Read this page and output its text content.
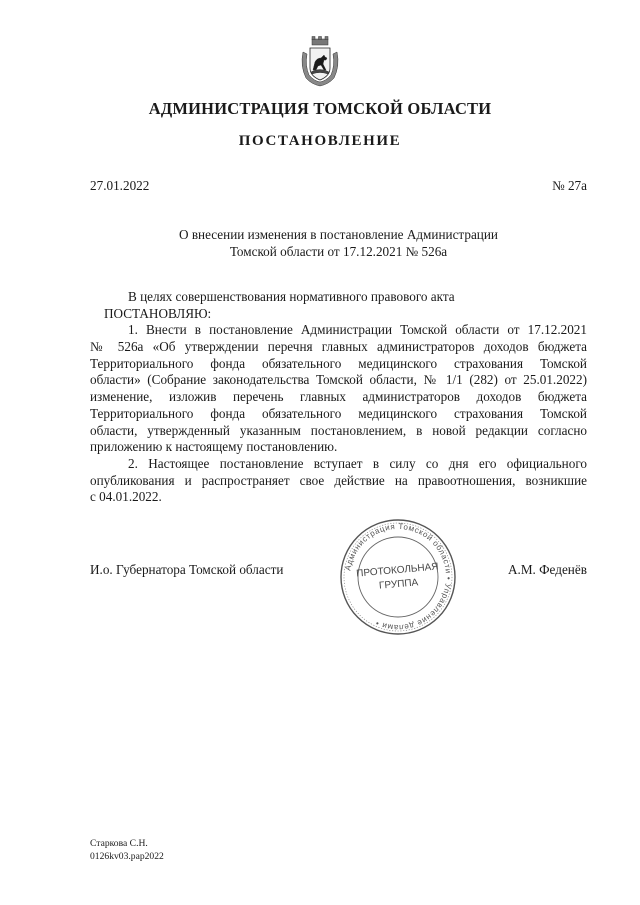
АДМИНИСТРАЦИЯ ТОМСКОЙ ОБЛАСТИ
ПОСТАНОВЛЕНИЕ
27.01.2022	№ 27а
О внесении изменения в постановление Администрации
Томской области от 17.12.2021 № 526а
В целях совершенствования нормативного правового акта
ПОСТАНОВЛЯЮ:
1. Внести в постановление Администрации Томской области от 17.12.2021
№ 526а «Об утверждении перечня главных администраторов доходов бюджета
Территориального фонда обязательного медицинского страхования Томской
области» (Собрание законодательства Томской области, № 1/1 (282) от 25.01.2022)
изменение, изложив перечень главных администраторов доходов бюджета
Территориального фонда обязательного медицинского страхования Томской
области, утвержденный указанным постановлением, в новой редакции согласно
приложению к настоящему постановлению.
2. Настоящее постановление вступает в силу со дня его официального
опубликования и распространяет свое действие на правоотношения, возникшие
с 04.01.2022.
И.о. Губернатора Томской области	А.М. Феденёв
Администрация Томской области • Управление делами •
ПРОТОКОЛЬНАЯ
ГРУППА
Старкова С.Н.
0126kv03.pap2022
